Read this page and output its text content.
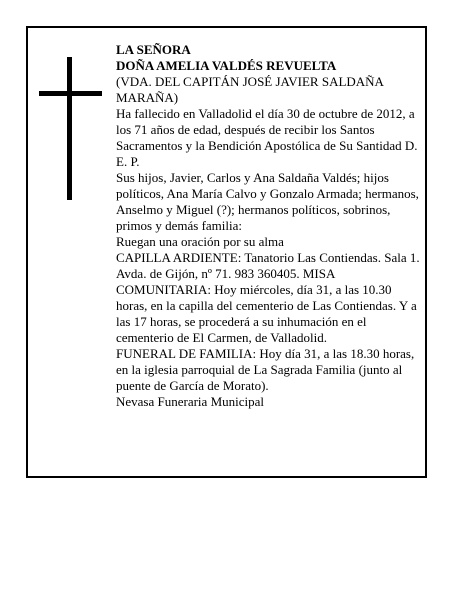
LA SEÑORA

DOÑA AMELIA VALDÉS REVUELTA

(VDA. DEL CAPITÁN JOSÉ JAVIER SALDAÑA MARAÑA)

Ha fallecido en Valladolid el día 30 de octubre de 2012, a los 71 años de edad, después de recibir los Santos Sacramentos y la Bendición Apostólica de Su Santidad D. E. P.

Sus hijos, Javier, Carlos y Ana Saldaña Valdés; hijos políticos, Ana María Calvo y Gonzalo Armada; hermanos, Anselmo y Miguel (?); hermanos políticos, sobrinos, primos y demás familia:

Ruegan una oración por su alma

CAPILLA ARDIENTE: Tanatorio Las Contiendas. Sala 1. Avda. de Gijón, nº 71. 983 360405. MISA COMUNITARIA: Hoy miércoles, día 31, a las 10.30 horas, en la capilla del cementerio de Las Contiendas. Y a las 17 horas, se procederá a su inhumación en el cementerio de El Carmen, de Valladolid.

FUNERAL DE FAMILIA: Hoy día 31, a las 18.30 horas, en la iglesia parroquial de La Sagrada Familia (junto al puente de García de Morato).

Nevasa Funeraria Municipal
